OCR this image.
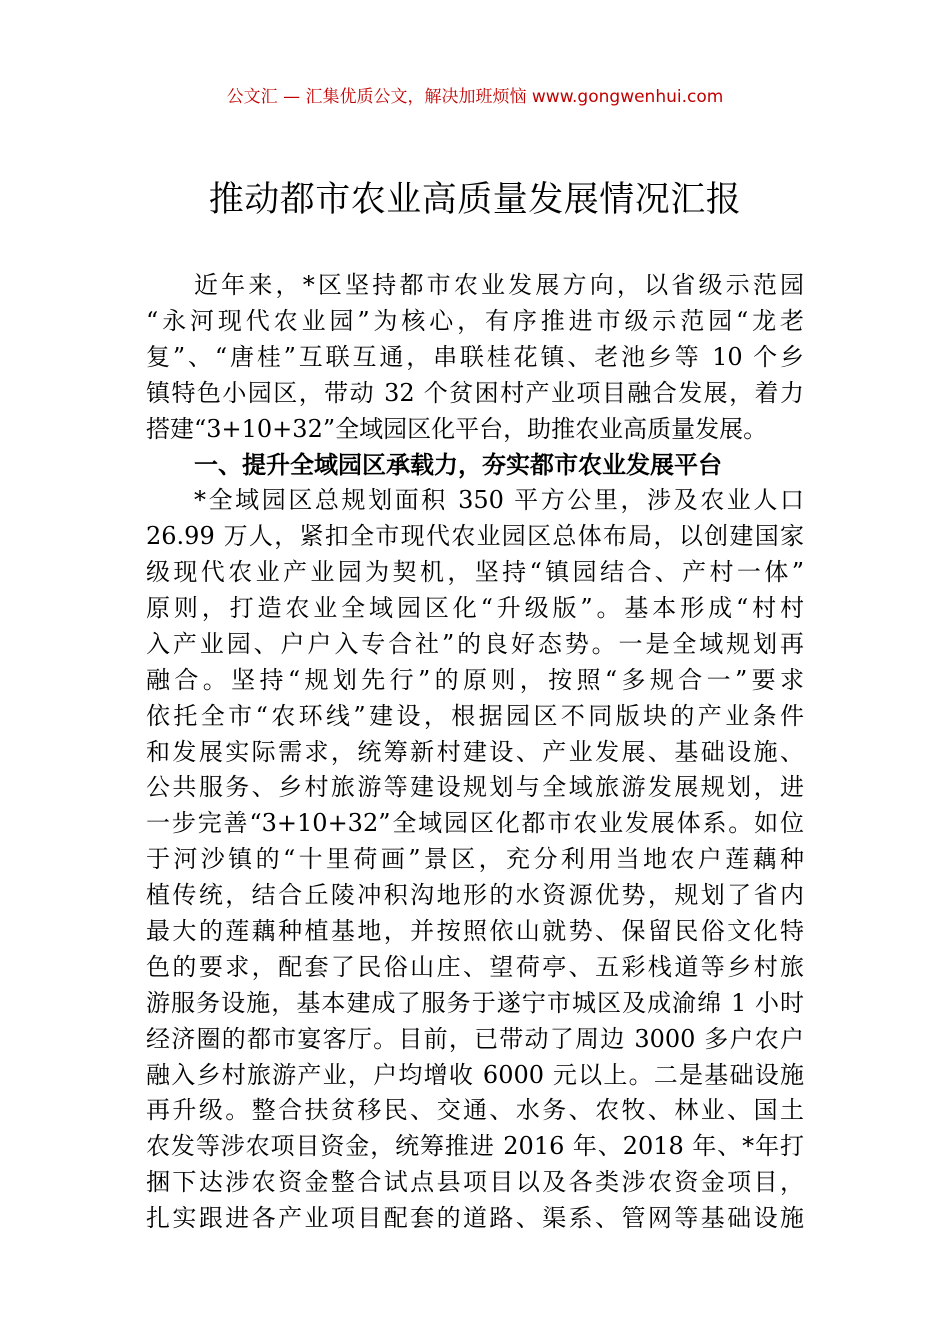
公文汇 — 汇集优质公文，解决加班烦恼 www.gongwenhui.com
推动都市农业高质量发展情况汇报
近年来，*区坚持都市农业发展方向，以省级示范园
“永河现代农业园”为核心，有序推进市级示范园“龙老
复”、“唐桂”互联互通，串联桂花镇、老池乡等 10 个乡
镇特色小园区，带动 32 个贫困村产业项目融合发展，着力
搭建“3+10+32”全域园区化平台，助推农业高质量发展。
一、提升全域园区承载力，夯实都市农业发展平台
*全域园区总规划面积 350 平方公里，涉及农业人口
26.99 万人，紧扣全市现代农业园区总体布局，以创建国家
级现代农业产业园为契机，坚持“镇园结合、产村一体”
原则，打造农业全域园区化“升级版”。基本形成“村村
入产业园、户户入专合社”的良好态势。一是全域规划再
融合。坚持“规划先行”的原则，按照“多规合一”要求
依托全市“农环线”建设，根据园区不同版块的产业条件
和发展实际需求，统筹新村建设、产业发展、基础设施、
公共服务、乡村旅游等建设规划与全域旅游发展规划，进
一步完善“3+10+32”全域园区化都市农业发展体系。如位
于河沙镇的“十里荷画”景区，充分利用当地农户莲藕种
植传统，结合丘陵冲积沟地形的水资源优势，规划了省内
最大的莲藕种植基地，并按照依山就势、保留民俗文化特
色的要求，配套了民俗山庄、望荷亭、五彩栈道等乡村旅
游服务设施，基本建成了服务于遂宁市城区及成渝绵 1 小时
经济圈的都市宴客厅。目前，已带动了周边 3000 多户农户
融入乡村旅游产业，户均增收 6000 元以上。二是基础设施
再升级。整合扶贫移民、交通、水务、农牧、林业、国土
农发等涉农项目资金，统筹推进 2016 年、2018 年、*年打
捆下达涉农资金整合试点县项目以及各类涉农资金项目，
扎实跟进各产业项目配套的道路、渠系、管网等基础设施
